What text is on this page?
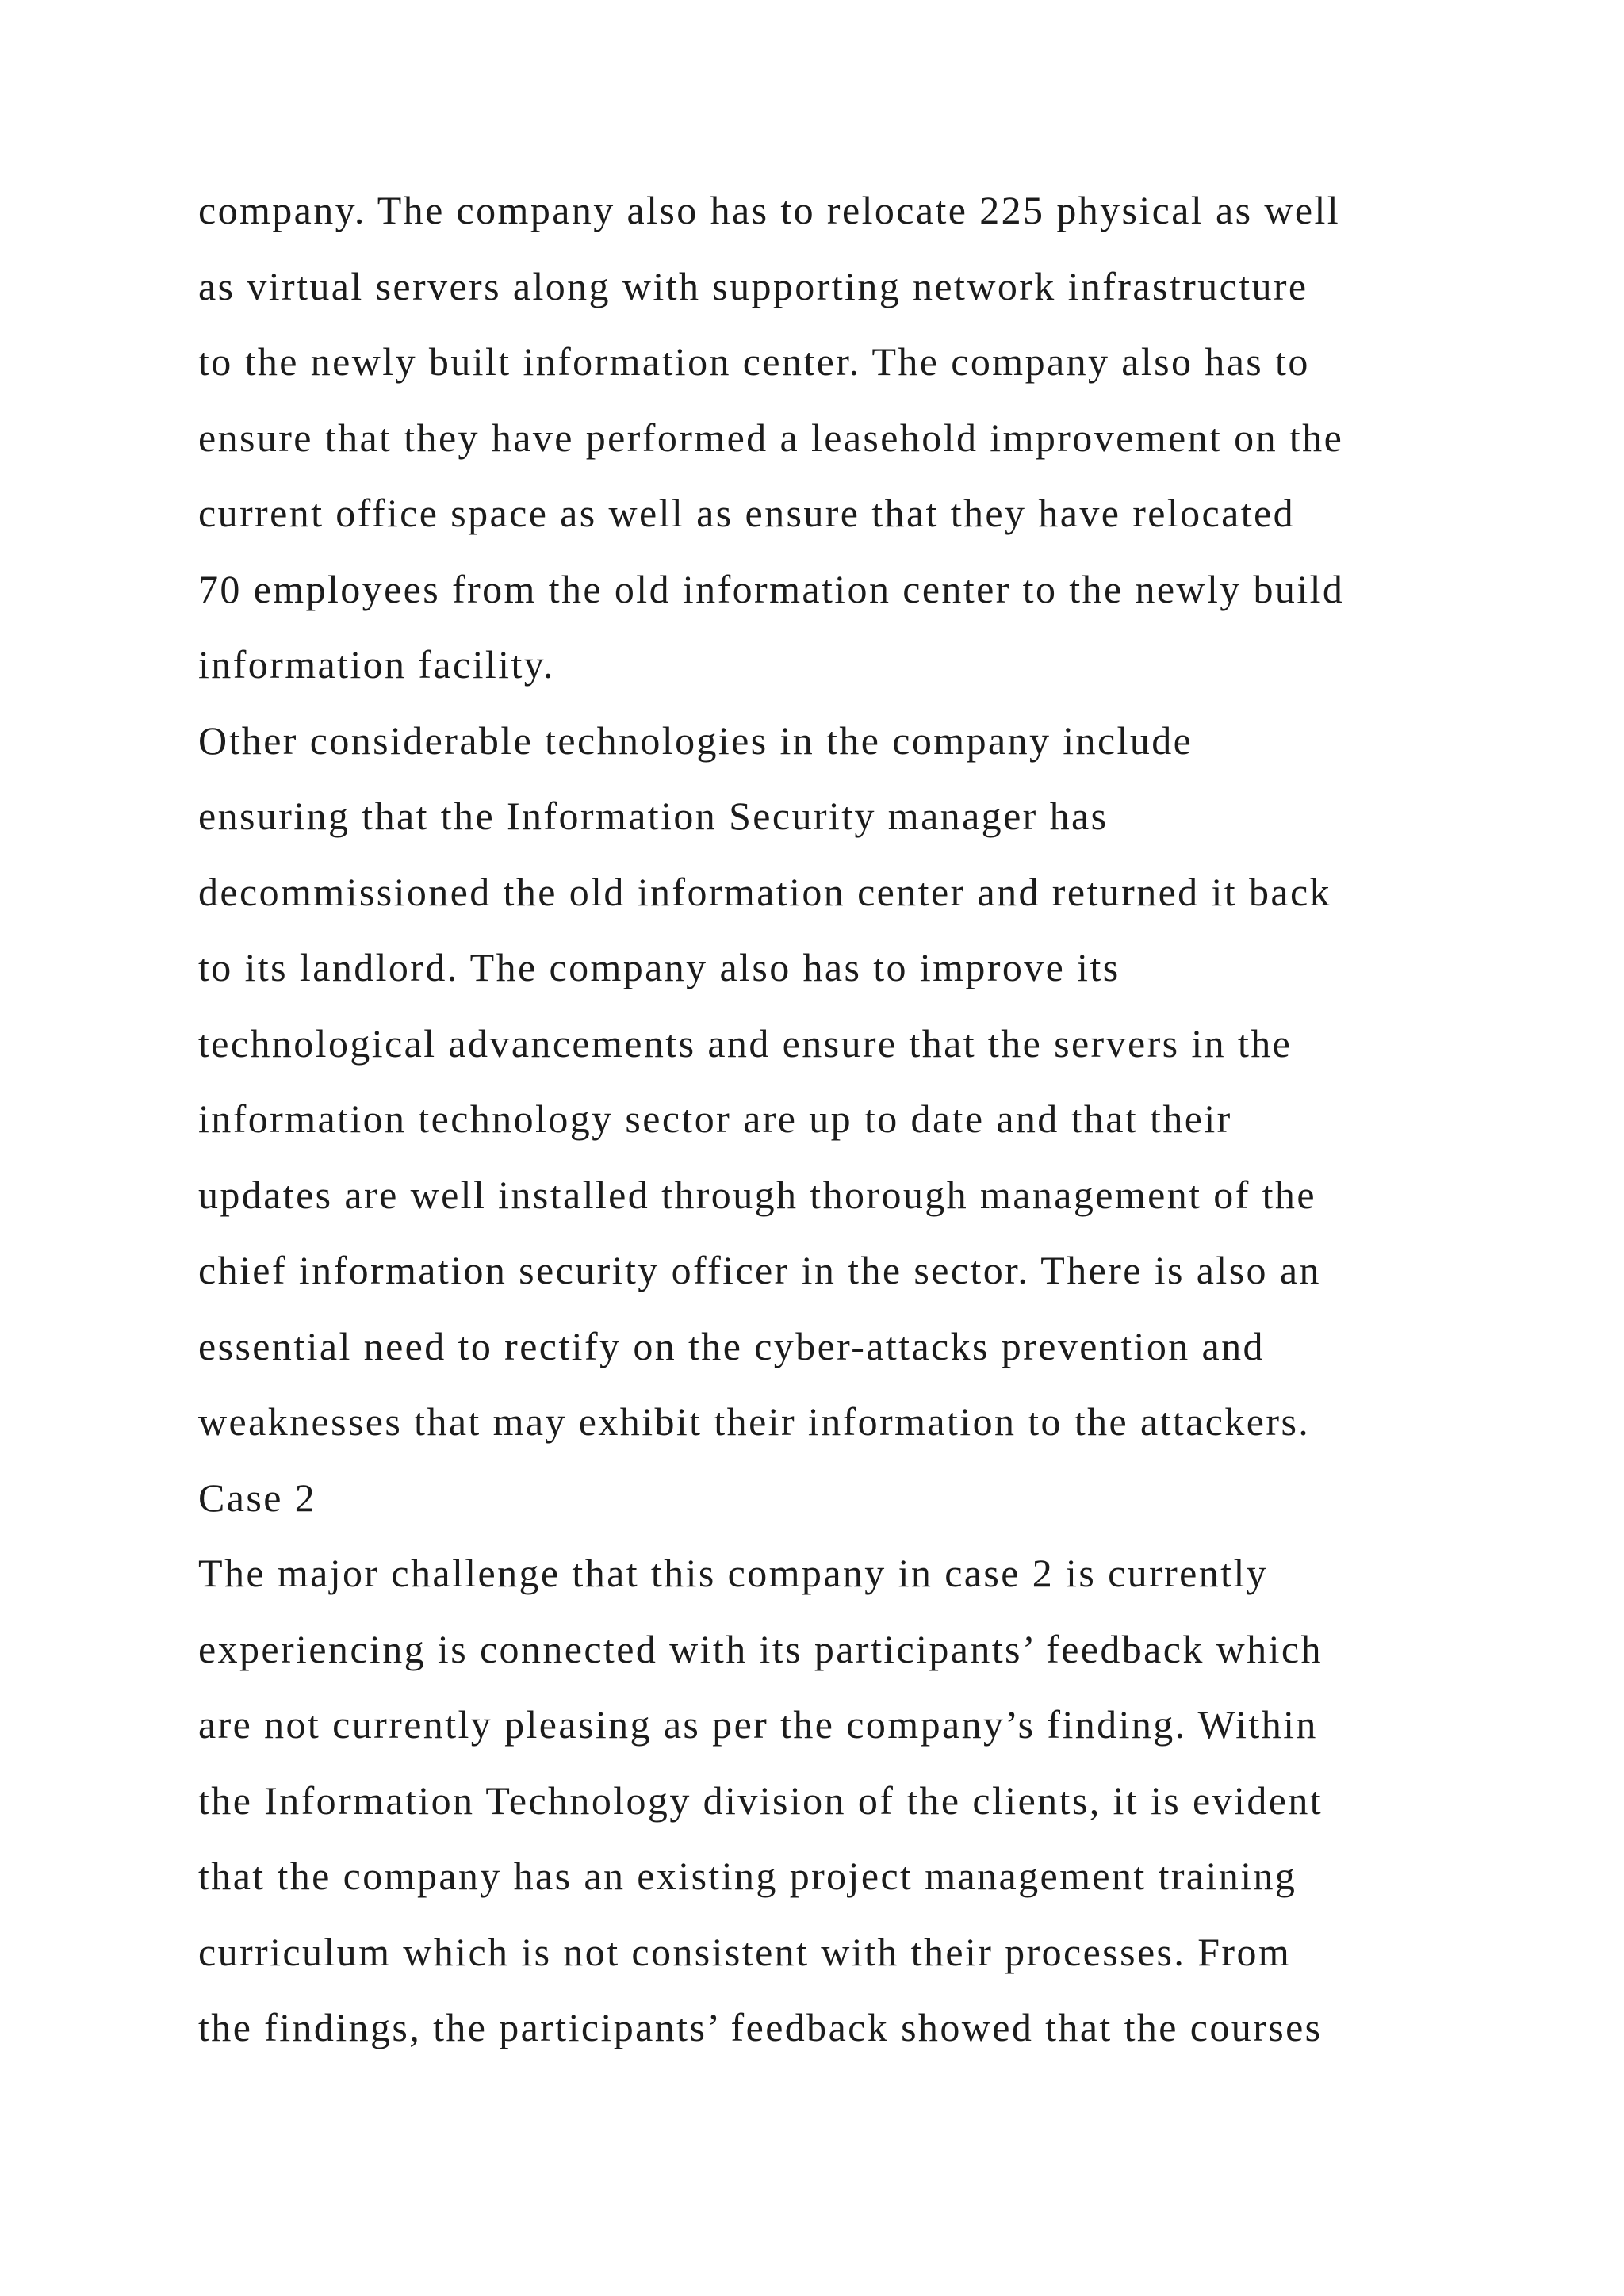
company. The company also has to relocate 225 physical as well
as virtual servers along with supporting network infrastructure
to the newly built information center. The company also has to
ensure that they have performed a leasehold improvement on the
current office space as well as ensure that they have relocated
70 employees from the old information center to the newly build
information facility.
Other considerable technologies in the company include
ensuring that the Information Security manager has
decommissioned the old information center and returned it back
to its landlord. The company also has to improve its
technological advancements and ensure that the servers in the
information technology sector are up to date and that their
updates are well installed through thorough management of the
chief information security officer in the sector. There is also an
essential need to rectify on the cyber-attacks prevention and
weaknesses that may exhibit their information to the attackers.
Case 2
The major challenge that this company in case 2 is currently
experiencing is connected with its participants’ feedback which
are not currently pleasing as per the company’s finding. Within
the Information Technology division of the clients, it is evident
that the company has an existing project management training
curriculum which is not consistent with their processes. From
the findings, the participants’ feedback showed that the courses
